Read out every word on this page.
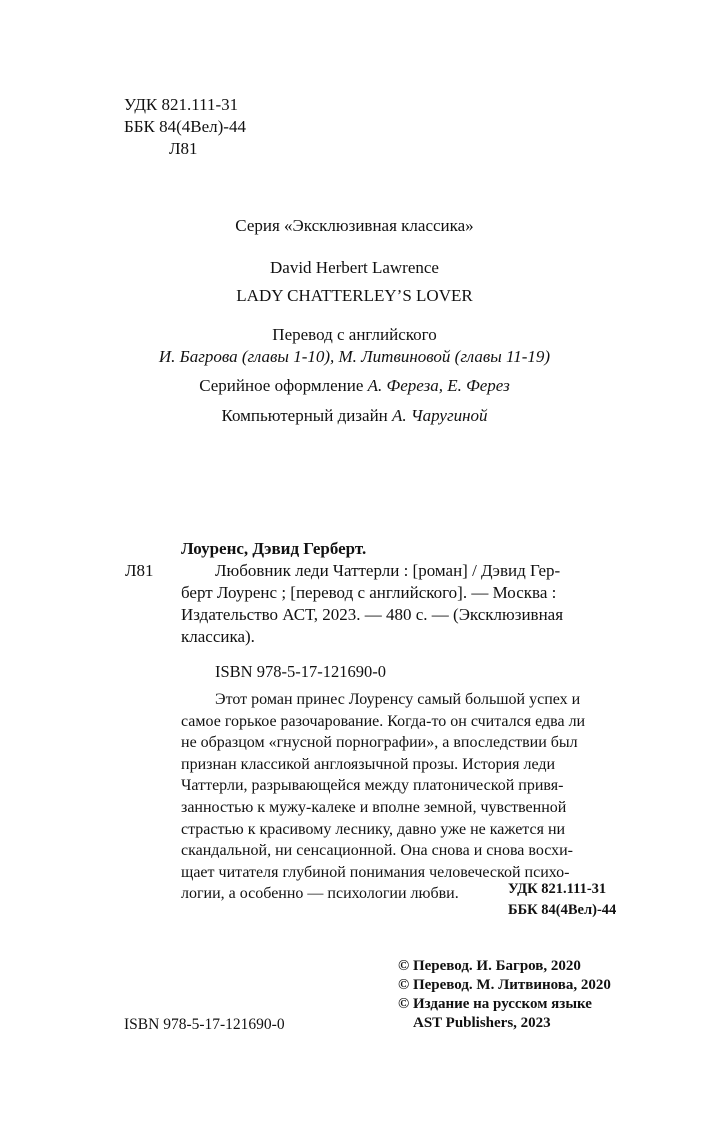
УДК 821.111-31
ББК 84(4Вел)-44
Л81
Серия «Эксклюзивная классика»
David Herbert Lawrence
LADY CHATTERLEY’S LOVER
Перевод с английского
И. Багрова (главы 1-10), М. Литвиновой (главы 11-19)
Серийное оформление А. Фереза, Е. Ферез
Компьютерный дизайн А. Чаругиной
Лоуренс, Дэвид Герберт.
Л81	Любовник леди Чаттерли : [роман] / Дэвид Гер-
берт Лоуренс ; [перевод с английского]. — Москва :
Издательство АСТ, 2023. — 480 с. — (Эксклюзивная
классика).
ISBN 978-5-17-121690-0
Этот роман принес Лоуренсу самый большой успех и
самое горькое разочарование. Когда-то он считался едва ли
не образцом «гнусной порнографии», а впоследствии был
признан классикой англоязычной прозы. История леди
Чаттерли, разрывающейся между платонической привя-
занностью к мужу-калеке и вполне земной, чувственной
страстью к красивому леснику, давно уже не кажется ни
скандальной, ни сенсационной. Она снова и снова восхи-
щает читателя глубиной понимания человеческой психо-
логии, а особенно — психологии любви.	УДК 821.111-31
ББК 84(4Вел)-44
© Перевод. И. Багров, 2020
© Перевод. М. Литвинова, 2020
© Издание на русском языке
AST Publishers, 2023
ISBN 978-5-17-121690-0
